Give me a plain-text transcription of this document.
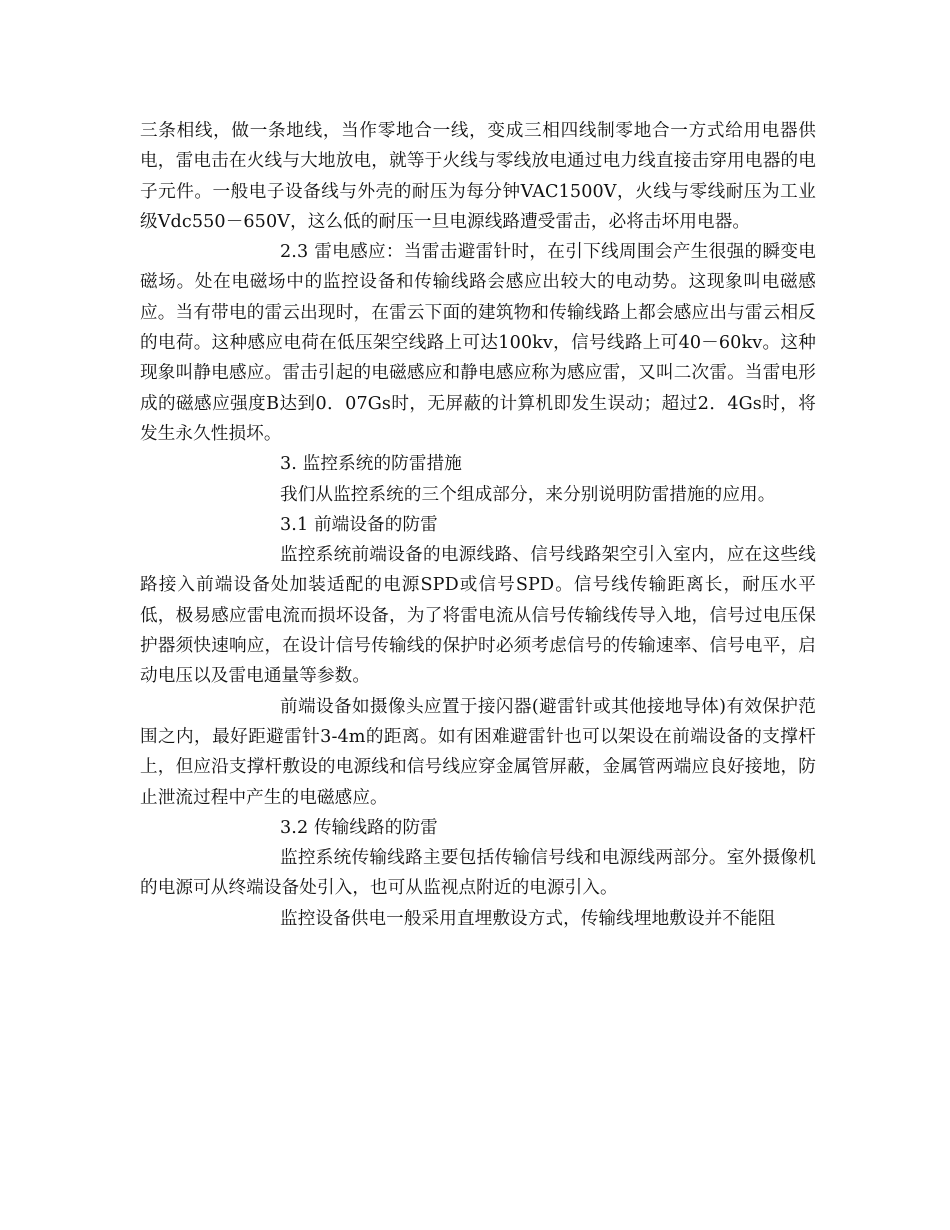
三条相线，做一条地线，当作零地合一线，变成三相四线制零地合一方式给用电器供电，雷电击在火线与大地放电，就等于火线与零线放电通过电力线直接击穿用电器的电子元件。一般电子设备线与外壳的耐压为每分钟VAC1500V，火线与零线耐压为工业级Vdc550－650V，这么低的耐压一旦电源线路遭受雷击，必将击坏用电器。

2.3 雷电感应：当雷击避雷针时，在引下线周围会产生很强的瞬变电磁场。处在电磁场中的监控设备和传输线路会感应出较大的电动势。这现象叫电磁感应。当有带电的雷云出现时，在雷云下面的建筑物和传输线路上都会感应出与雷云相反的电荷。这种感应电荷在低压架空线路上可达100kv，信号线路上可40－60kv。这种现象叫静电感应。雷击引起的电磁感应和静电感应称为感应雷，又叫二次雷。当雷电形成的磁感应强度B达到0．07Gs时，无屏蔽的计算机即发生误动；超过2．4Gs时，将发生永久性损坏。

3. 监控系统的防雷措施

我们从监控系统的三个组成部分，来分别说明防雷措施的应用。

3.1 前端设备的防雷

监控系统前端设备的电源线路、信号线路架空引入室内，应在这些线路接入前端设备处加装适配的电源SPD或信号SPD。信号线传输距离长，耐压水平低，极易感应雷电流而损坏设备，为了将雷电流从信号传输线传导入地，信号过电压保护器须快速响应，在设计信号传输线的保护时必须考虑信号的传输速率、信号电平，启动电压以及雷电通量等参数。

前端设备如摄像头应置于接闪器(避雷针或其他接地导体)有效保护范围之内，最好距避雷针3-4m的距离。如有困难避雷针也可以架设在前端设备的支撑杆上，但应沿支撑杆敷设的电源线和信号线应穿金属管屏蔽，金属管两端应良好接地，防止泄流过程中产生的电磁感应。

3.2 传输线路的防雷

监控系统传输线路主要包括传输信号线和电源线两部分。室外摄像机的电源可从终端设备处引入，也可从监视点附近的电源引入。

监控设备供电一般采用直埋敷设方式，传输线埋地敷设并不能阻
